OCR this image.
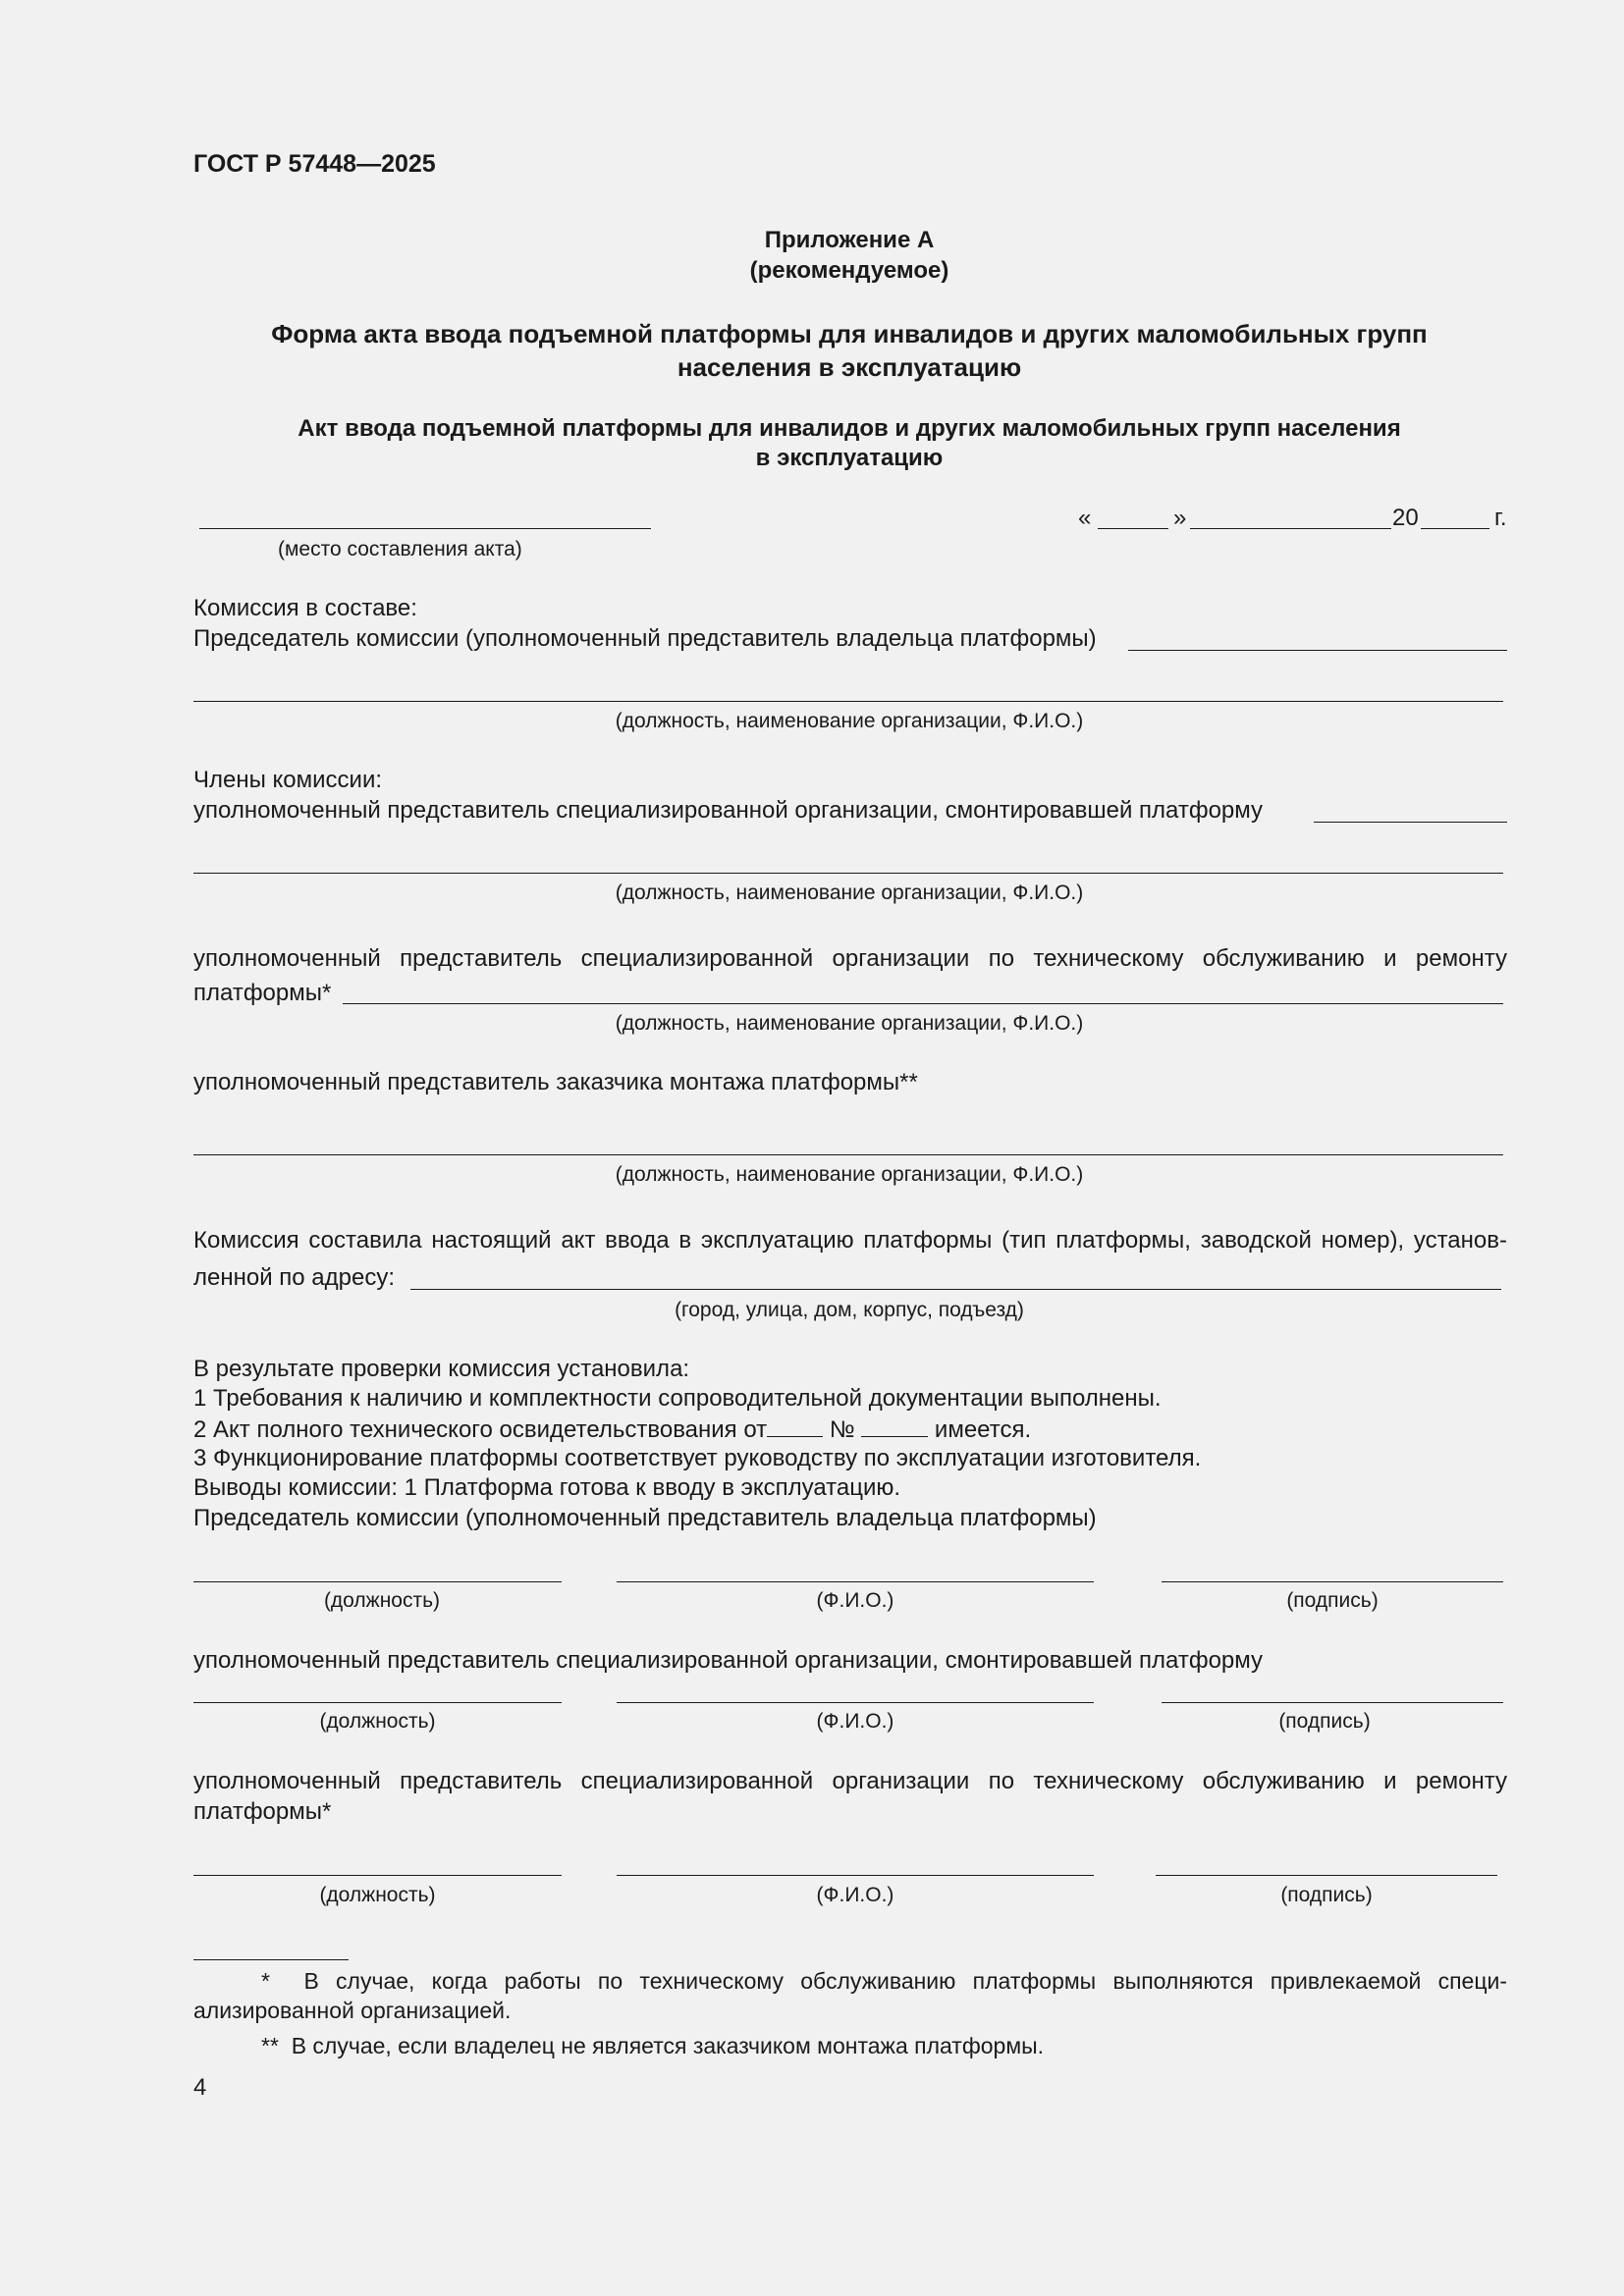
ГОСТ Р 57448—2025
Приложение А
(рекомендуемое)
Форма акта ввода подъемной платформы для инвалидов и других маломобильных групп
населения в эксплуатацию
Акт ввода подъемной платформы для инвалидов и других маломобильных групп населения
в эксплуатацию
(место составления акта)
«	»	20	г.
Комиссия в составе:
Председатель комиссии (уполномоченный представитель владельца платформы)
(должность, наименование организации, Ф.И.О.)
Члены комиссии:
уполномоченный представитель специализированной организации, смонтировавшей платформу
(должность, наименование организации, Ф.И.О.)
уполномоченный представитель специализированной организации по техническому обслуживанию и ремонту
платформы*
(должность, наименование организации, Ф.И.О.)
уполномоченный представитель заказчика монтажа платформы**
(должность, наименование организации, Ф.И.О.)
Комиссия составила настоящий акт ввода в эксплуатацию платформы (тип платформы, заводской номер), установ-
ленной по адресу:
(город, улица, дом, корпус, подъезд)
В результате проверки комиссия установила:
1 Требования к наличию и комплектности сопроводительной документации выполнены.
2 Акт полного технического освидетельствования от	№	имеется.
3 Функционирование платформы соответствует руководству по эксплуатации изготовителя.
Выводы комиссии: 1 Платформа готова к вводу в эксплуатацию.
Председатель комиссии (уполномоченный представитель владельца платформы)
(должность)	(Ф.И.О.)	(подпись)
уполномоченный представитель специализированной организации, смонтировавшей платформу
(должность)	(Ф.И.О.)	(подпись)
уполномоченный представитель специализированной организации по техническому обслуживанию и ремонту
платформы*
(должность)	(Ф.И.О.)	(подпись)
* В случае, когда работы по техническому обслуживанию платформы выполняются привлекаемой специ-
ализированной организацией.
** В случае, если владелец не является заказчиком монтажа платформы.
4
